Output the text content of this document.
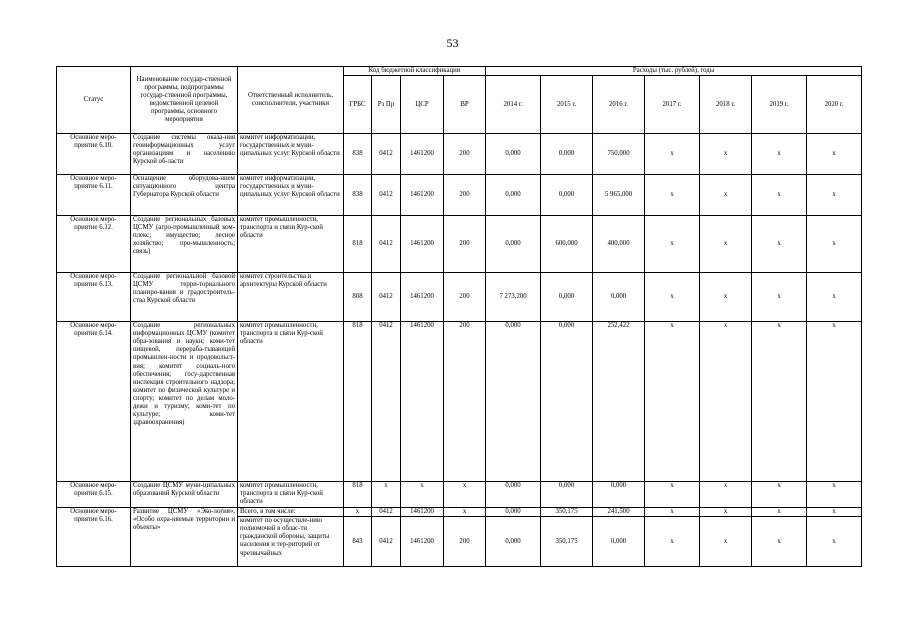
53
Статус	Наименование государ-ственной программы, подпрограммы государ-ственной программы, ведомственной целевой программы, основного мероприятия	Ответственный исполнитель, соисполнители, участники	Код бюджетной классификации				Расходы (тыс. рублей), годы						
			ГРБС	Рз Пр	ЦСР	ВР	2014 г.	2015 г.	2016 г.	2017 г.	2018 г.	2019 г.	2020 г.
Основное меро-приятие 6.10.	Создание системы оказа-ния геоинформационных услуг организациям и населению Курской об-ласти	комитет информатизации, государственных и муни-ципальных услуг Курской области	838	0412	1461200	200	0,000	0,000	750,000	x	x	x	x
Основное меро-приятие 6.11.	Оснащение оборудова-нием ситуационного центра Губернатора Курской области	комитет информатизации, государственных и муни-ципальных услуг Курской области	838	0412	1461200	200	0,000	0,000	5 965,000	x	x	x	x
Основное меро-приятие 6.12.	Создание региональных базовых ЦСМУ (агро-промышленный ком-плекс; имущество; лесное хозяйство; про-мышленность; связь)	комитет промышленности, транспорта и связи Кур-ской области	818	0412	1461200	200	0,000	600,000	400,000	x	x	x	x
Основное меро-приятие 6.13.	Создание региональной базовой ЦСМУ терри-ториального планиро-вания и градостроитель-ства Курской области	комитет строительства и архитектуры Курской области	808	0412	1461200	200	7 273,200	0,000	0,000	x	x	x	x
Основное меро-приятие 6.14.	Создание региональных информационных ЦСМУ (комитет обра-зования и науки; коми-тет пищевой, перераба-тывающей промышлен-ности и продовольст-вия; комитет социаль-ного обеспечения; госу-дарственная инспекция строительного надзора; комитет по физической культуре и спорту; комитет по делам моло-дежи и туризму; коми-тет по культуре; коми-тет здравоохранения)	комитет промышленности, транспорта и связи Кур-ской области	818	0412	1461200	200	0,000	0,000	252,422	x	x	x	x
Основное меро-приятие 6.15.	Создание ЦСМУ муни-ципальных образований Курской области	комитет промышленности, транспорта и связи Кур-ской области	818	x	x	x	0,000	0,000	0,000	x	x	x	x
Основное меро-приятие 6.16.	Развитие ЦСМУ «Эко-логия», «Особо охра-няемые территории и объекты»	Всего, в том числе:	x	0412	1461200	x	0,000	350,175	241,500	x	x	x	x
		комитет по осуществле-нию полномочий в облас-ти гражданской обороны, защиты населения и тер-риторий от чрезвычайных	843	0412	1461200	200	0,000	350,175	0,000	x	x	x	x
